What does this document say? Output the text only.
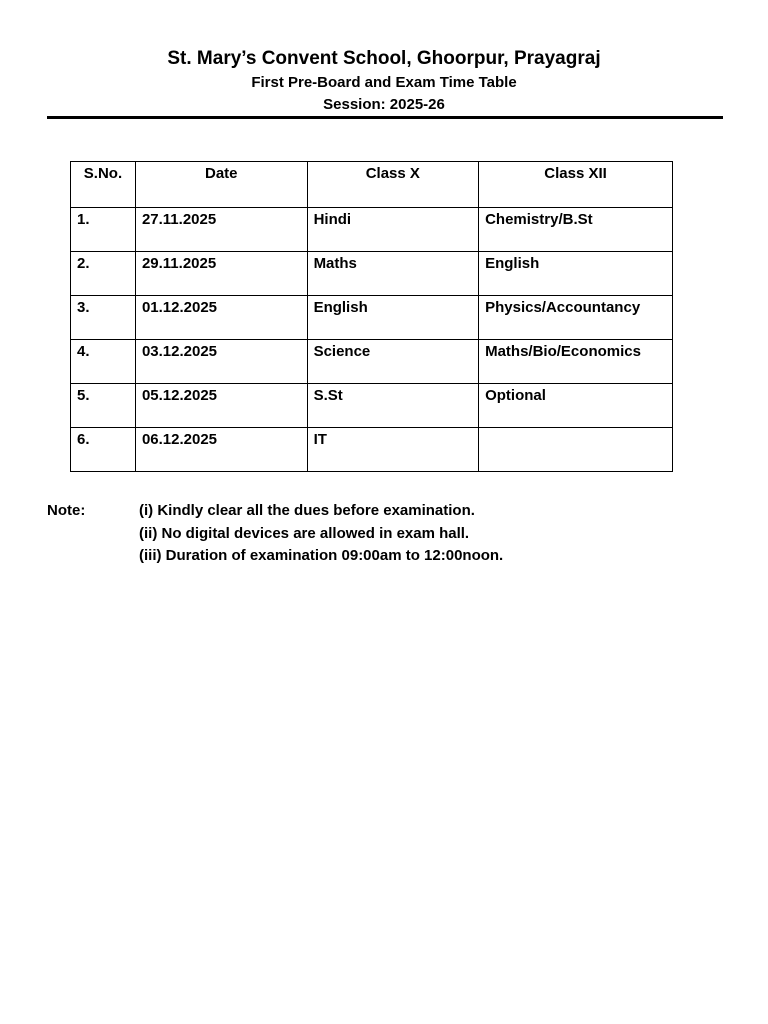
St. Mary’s Convent School, Ghoorpur, Prayagraj
First Pre-Board and Exam Time Table
Session: 2025-26
S.No.	Date	Class X	Class XII
1.	27.11.2025	Hindi	Chemistry/B.St
2.	29.11.2025	Maths	English
3.	01.12.2025	English	Physics/Accountancy
4.	03.12.2025	Science	Maths/Bio/Economics
5.	05.12.2025	S.St	Optional
6.	06.12.2025	IT	
Note:	(i) Kindly clear all the dues before examination.
(ii) No digital devices are allowed in exam hall.
(iii) Duration of examination 09:00am to 12:00noon.
